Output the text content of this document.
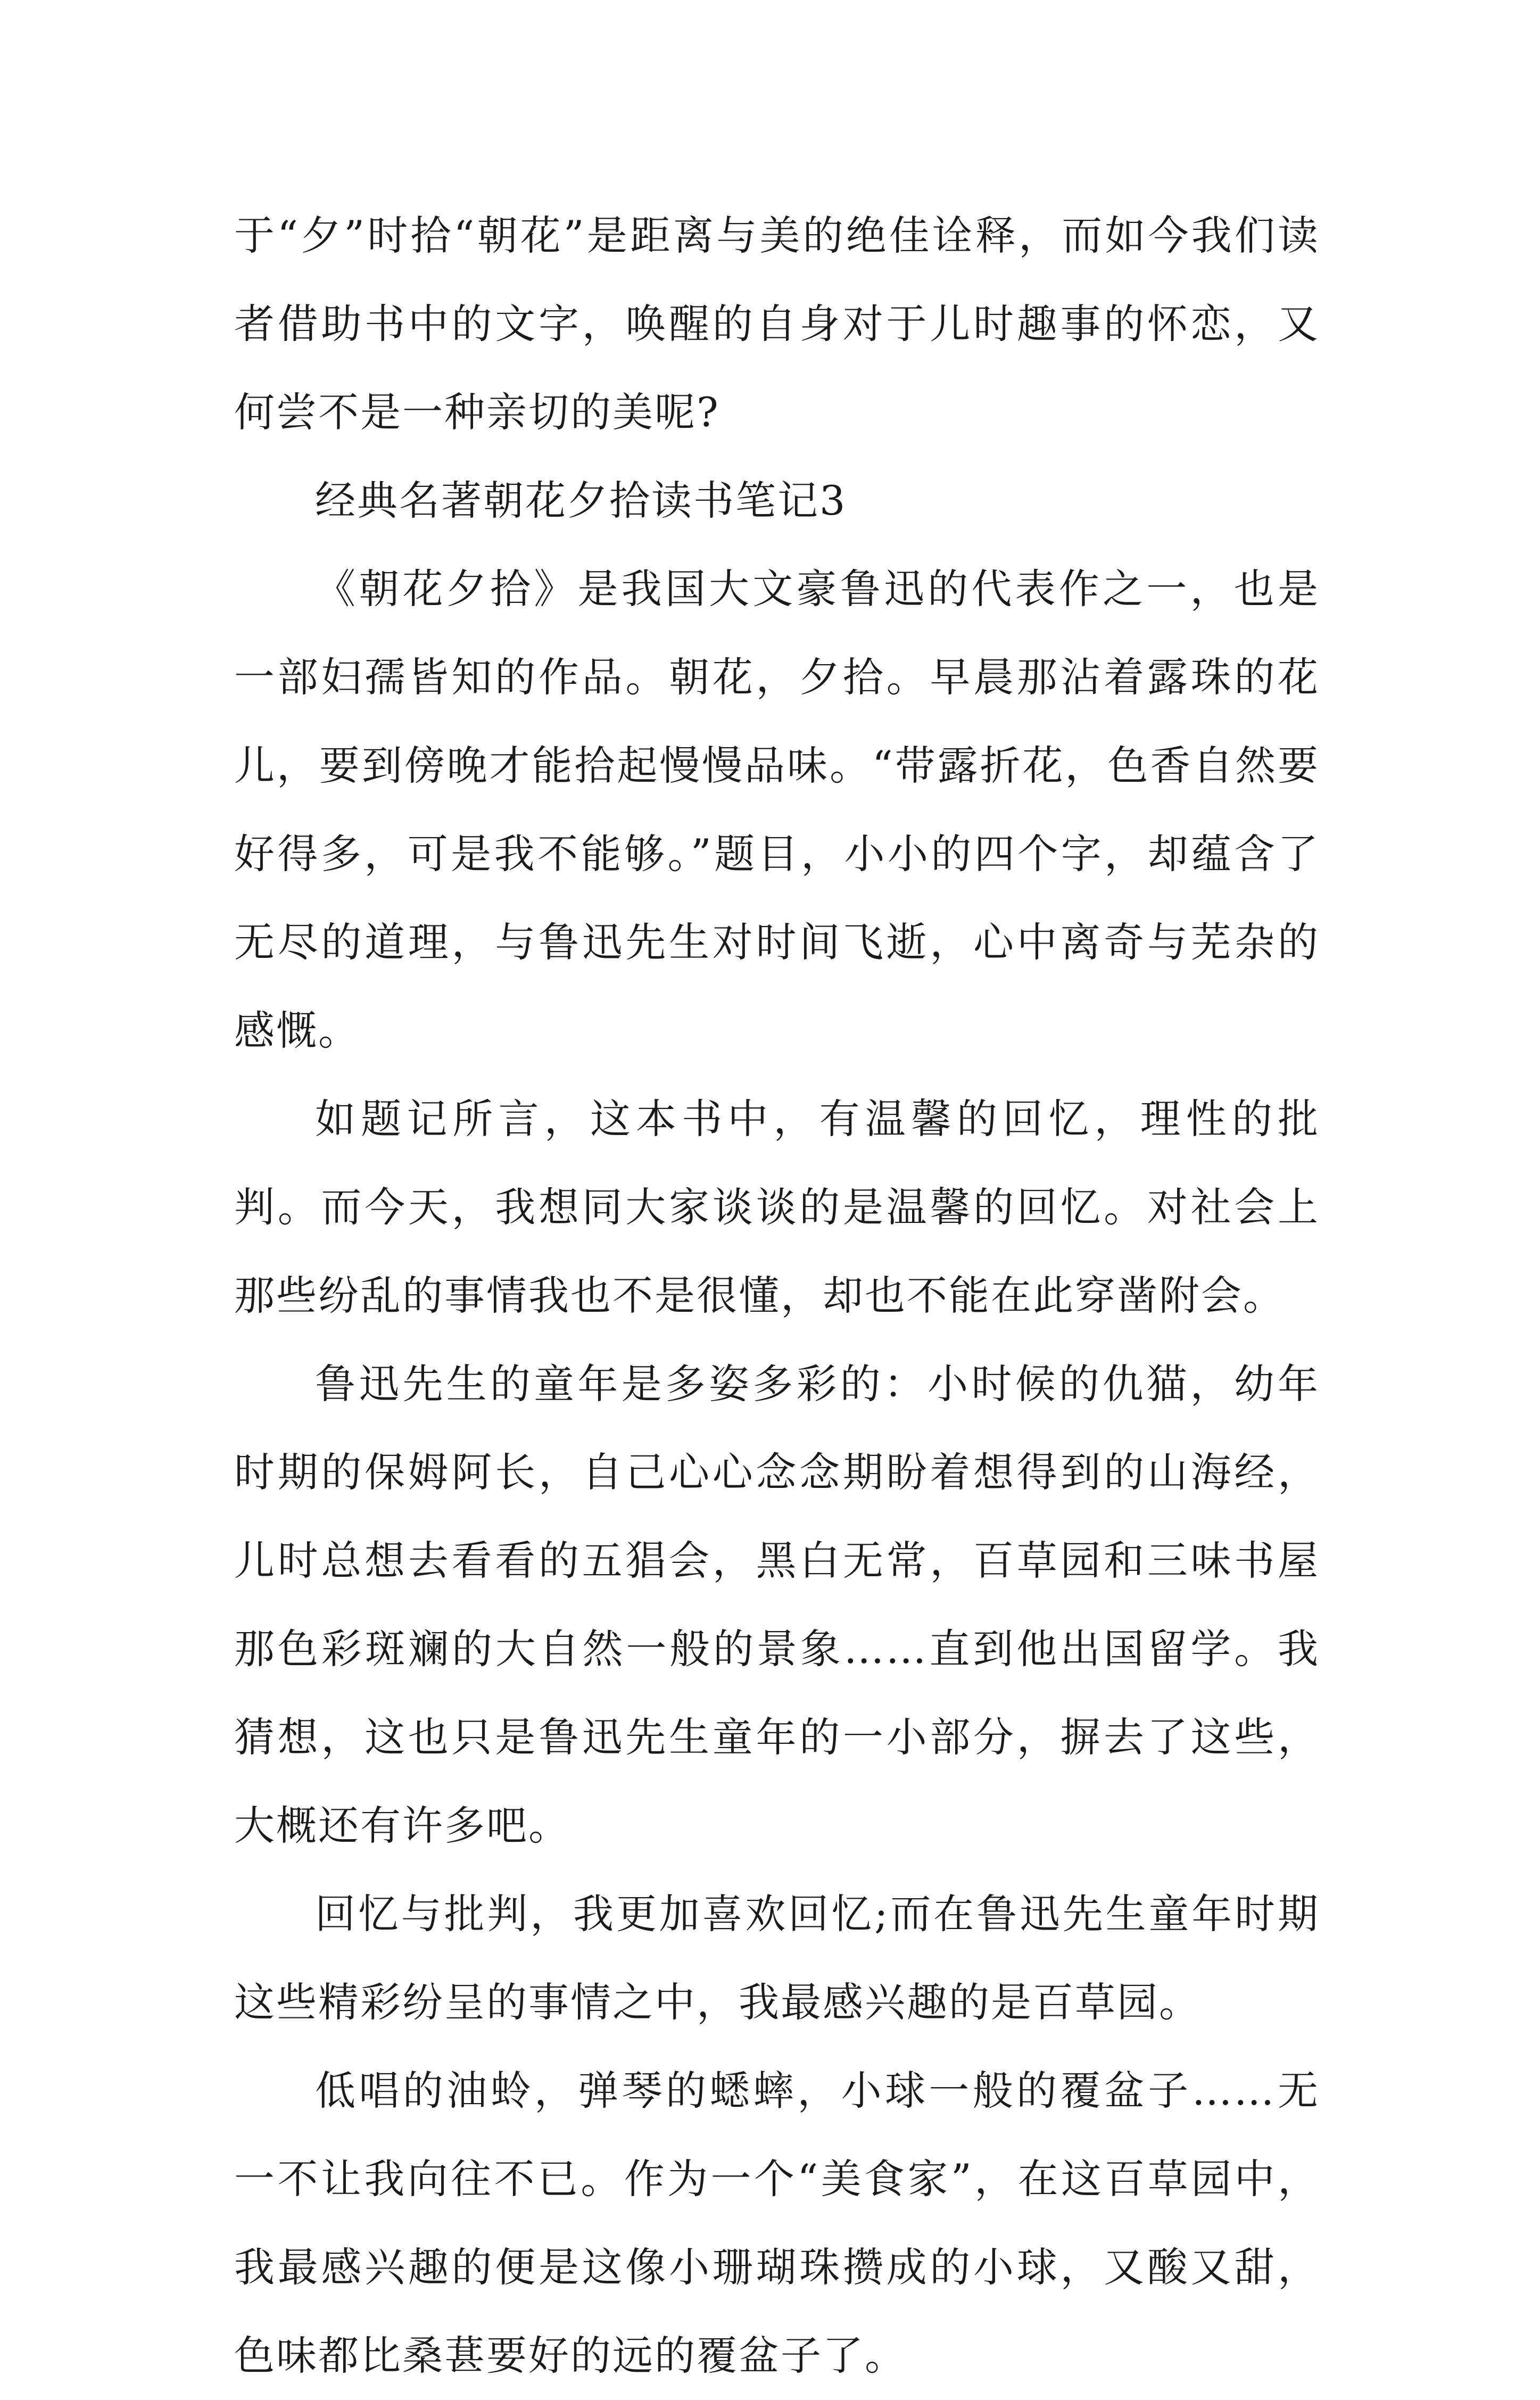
于“夕”时拾“朝花”是距离与美的绝佳诠释，而如今我们读者借助书中的文字，唤醒的自身对于儿时趣事的怀恋，又何尝不是一种亲切的美呢?

经典名著朝花夕拾读书笔记3

《朝花夕拾》是我国大文豪鲁迅的代表作之一，也是一部妇孺皆知的作品。朝花，夕拾。早晨那沾着露珠的花儿，要到傍晚才能拾起慢慢品味。“带露折花，色香自然要好得多，可是我不能够。”题目，小小的四个字，却蕴含了无尽的道理，与鲁迅先生对时间飞逝，心中离奇与芜杂的感慨。

如题记所言，这本书中，有温馨的回忆，理性的批判。而今天，我想同大家谈谈的是温馨的回忆。对社会上那些纷乱的事情我也不是很懂，却也不能在此穿凿附会。

鲁迅先生的童年是多姿多彩的：小时候的仇猫，幼年时期的保姆阿长，自己心心念念期盼着想得到的山海经，儿时总想去看看的五猖会，黑白无常，百草园和三味书屋那色彩斑斓的大自然一般的景象……直到他出国留学。我猜想，这也只是鲁迅先生童年的一小部分，摒去了这些，大概还有许多吧。

回忆与批判，我更加喜欢回忆;而在鲁迅先生童年时期这些精彩纷呈的事情之中，我最感兴趣的是百草园。

低唱的油蛉，弹琴的蟋蟀，小球一般的覆盆子……无一不让我向往不已。作为一个“美食家”，在这百草园中，我最感兴趣的便是这像小珊瑚珠攒成的小球，又酸又甜，色味都比桑葚要好的远的覆盆子了。
